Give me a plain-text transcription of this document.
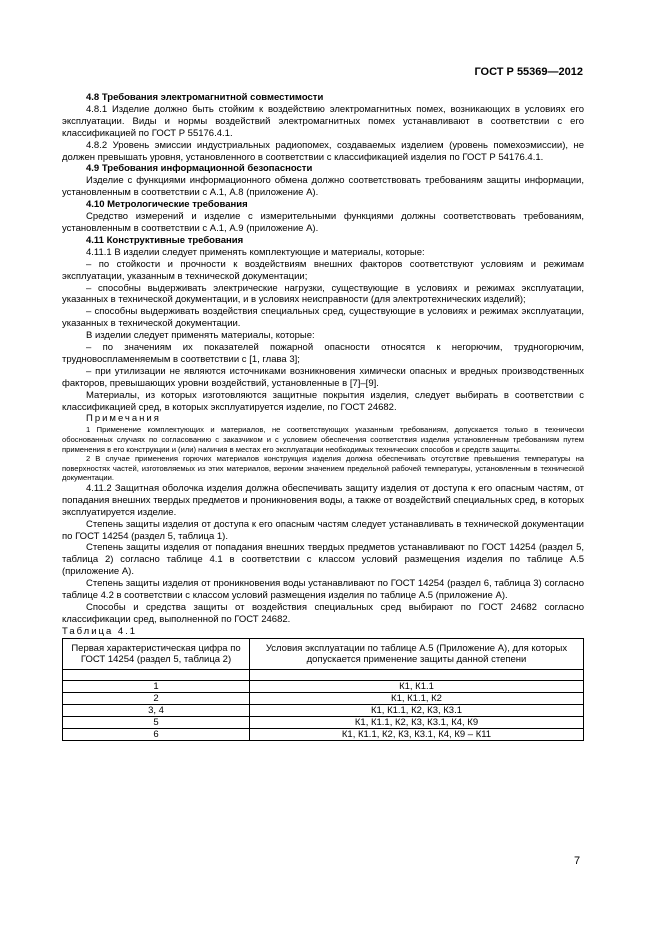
ГОСТ Р 55369—2012

4.8 Требования электромагнитной совместимости

4.8.1 Изделие должно быть стойким к воздействию электромагнитных помех, возникающих в условиях его эксплуатации. Виды и нормы воздействий электромагнитных помех устанавливают в соответствии с его классификацией по ГОСТ Р 55176.4.1.

4.8.2 Уровень эмиссии индустриальных радиопомех, создаваемых изделием (уровень помехоэмиссии), не должен превышать уровня, установленного в соответствии с классификацией изделия по ГОСТ Р 54176.4.1.

4.9 Требования информационной безопасности

Изделие с функциями информационного обмена должно соответствовать требованиям защиты информации, установленным в соответствии с А.1, А.8 (приложение А).

4.10 Метрологические требования

Средство измерений и изделие с измерительными функциями должны соответствовать требованиям, установленным в соответствии с А.1, А.9 (приложение А).

4.11 Конструктивные требования

4.11.1 В изделии следует применять комплектующие и материалы, которые:

– по стойкости и прочности к воздействиям внешних факторов соответствуют условиям и режимам эксплуатации, указанным в технической документации;

– способны выдерживать электрические нагрузки, существующие в условиях и режимах эксплуатации, указанных в технической документации, и в условиях неисправности (для электротехнических изделий);

– способны выдерживать воздействия специальных сред, существующие в условиях и режимах эксплуатации, указанных в технической документации.

В изделии следует применять материалы, которые:

– по значениям их показателей пожарной опасности относятся к негорючим, трудногорючим, трудновоспламеняемым в соответствии с [1, глава 3];

– при утилизации не являются источниками возникновения химически опасных и вредных производственных факторов, превышающих уровни воздействий, установленные в [7]–[9].

Материалы, из которых изготовляются защитные покрытия изделия, следует выбирать в соответствии с классификацией сред, в которых эксплуатируется изделие, по ГОСТ 24682.

Примечания

1 Применение комплектующих и материалов, не соответствующих указанным требованиям, допускается только в технически обоснованных случаях по согласованию с заказчиком и с условием обеспечения соответствия изделия установленным требованиям путем применения в его конструкции и (или) наличия в местах его эксплуатации необходимых технических способов и средств защиты.

2 В случае применения горючих материалов конструкция изделия должна обеспечивать отсутствие превышения температуры на поверхностях частей, изготовляемых из этих материалов, верхним значением предельной рабочей температуры, установленным в технической документации.

4.11.2 Защитная оболочка изделия должна обеспечивать защиту изделия от доступа к его опасным частям, от попадания внешних твердых предметов и проникновения воды, а также от воздействий специальных сред, в которых эксплуатируется изделие.

Степень защиты изделия от доступа к его опасным частям следует устанавливать в технической документации по ГОСТ 14254 (раздел 5, таблица 1).

Степень защиты изделия от попадания внешних твердых предметов устанавливают по ГОСТ 14254 (раздел 5, таблица 2) согласно таблице 4.1 в соответствии с классом условий размещения изделия по таблице А.5 (приложение А).

Степень защиты изделия от проникновения воды устанавливают по ГОСТ 14254 (раздел 6, таблица 3) согласно таблице 4.2 в соответствии с классом условий размещения изделия по таблице А.5 (приложение А).

Способы и средства защиты от воздействия специальных сред выбирают по ГОСТ 24682 согласно классификации сред, выполненной по ГОСТ 24682.

Таблица 4.1
Первая характеристическая цифра по ГОСТ 14254 (раздел 5, таблица 2)	Условия эксплуатации по таблице А.5 (Приложение А), для которых допускается применение защиты данной степени

1	К1, К1.1
2	К1, К1.1, К2
3, 4	К1, К1.1, К2, К3, К3.1
5	К1, К1.1, К2, К3, К3.1, К4, К9
6	К1, К1.1, К2, К3, К3.1, К4, К9 – К11
7
